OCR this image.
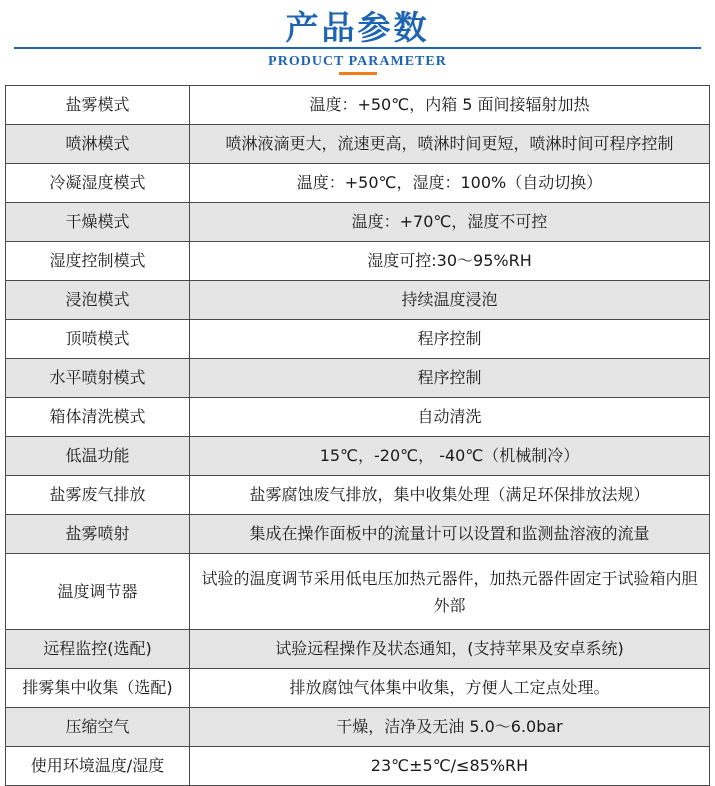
产品参数
PRODUCT PARAMETER
盐雾模式	温度：+50℃，内箱 5 面间接辐射加热
喷淋模式	喷淋液滴更大，流速更高，喷淋时间更短，喷淋时间可程序控制
冷凝湿度模式	温度：+50℃，湿度：100%（自动切换）
干燥模式	温度：+70℃，湿度不可控
湿度控制模式	湿度可控:30～95%RH
浸泡模式	持续温度浸泡
顶喷模式	程序控制
水平喷射模式	程序控制
箱体清洗模式	自动清洗
低温功能	15℃，-20℃， -40℃（机械制冷）
盐雾废气排放	盐雾腐蚀废气排放，集中收集处理（满足环保排放法规）
盐雾喷射	集成在操作面板中的流量计可以设置和监测盐溶液的流量
温度调节器	试验的温度调节采用低电压加热元器件，加热元器件固定于试验箱内胆外部
远程监控(选配)	试验远程操作及状态通知，(支持苹果及安卓系统)
排雾集中收集（选配)	排放腐蚀气体集中收集，方便人工定点处理。
压缩空气	干燥，洁净及无油 5.0～6.0bar
使用环境温度/湿度	23℃±5℃/≤85%RH
